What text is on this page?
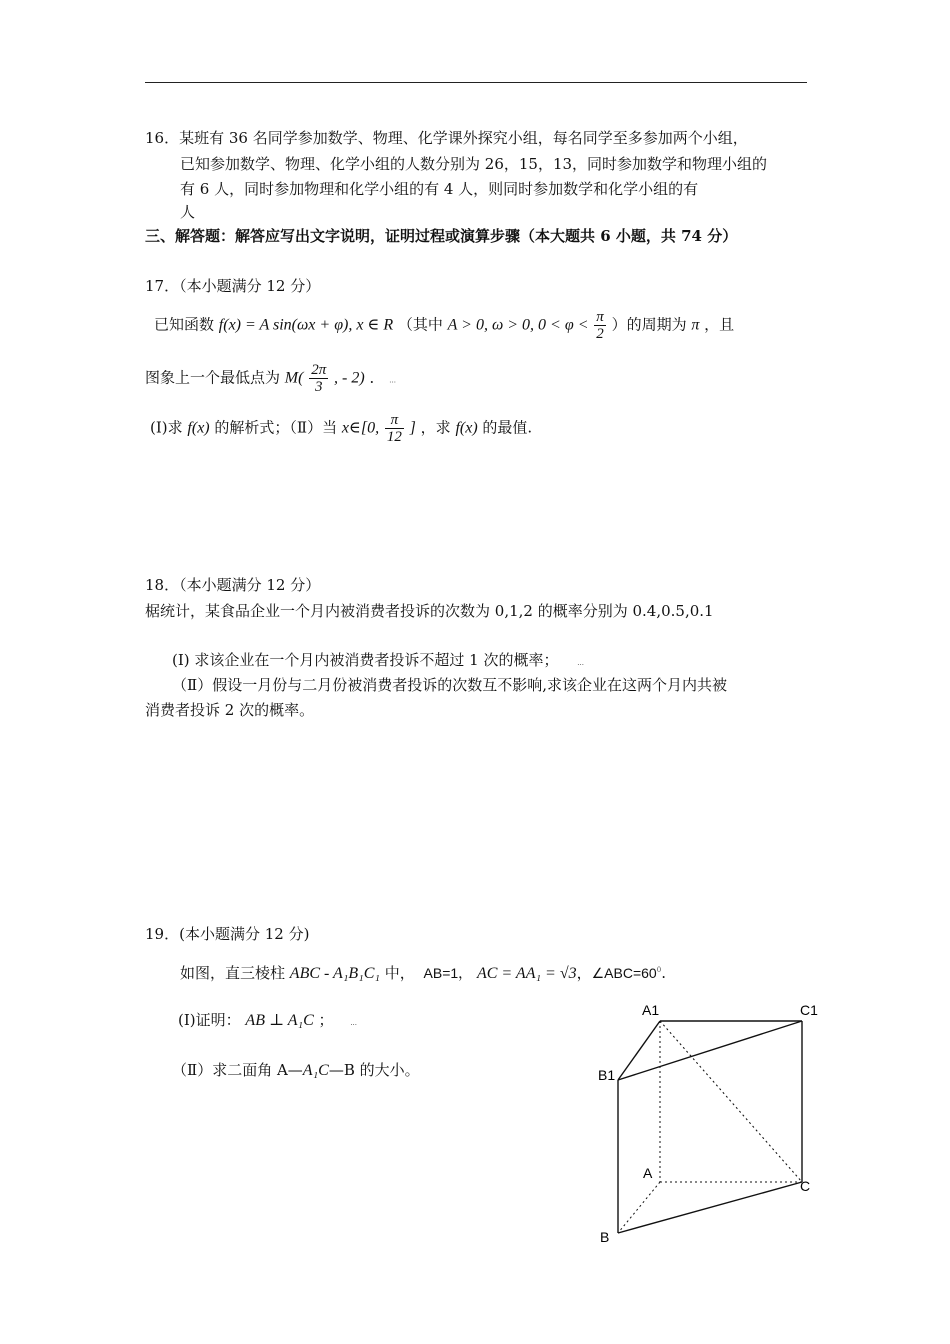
16．某班有 36 名同学参加数学、物理、化学课外探究小组，每名同学至多参加两个小组，
已知参加数学、物理、化学小组的人数分别为 26，15，13，同时参加数学和物理小组的
有 6 人，同时参加物理和化学小组的有 4 人，则同时参加数学和化学小组的有
人
三、解答题：解答应写出文字说明，证明过程或演算步骤（本大题共 6 小题，共 74 分）
17．（本小题满分 12 分）
已知函数 f(x) = A sin(ωx + φ), x ∈ R （其中 A > 0, ω > 0, $0 < \varphi < \frac{\pi}{2}$ ）的周期为 π ，且
图象上一个最低点为 $M( \frac{2\pi}{3}$ , - 2) ． ...
(Ⅰ)求 f(x) 的解析式；（Ⅱ）当 x∈[0, $\frac{\pi}{12}$ ] ，求 f(x) 的最值.
18．（本小题满分 12 分）
椐统计，某食品企业一个月内被消费者投诉的次数为 0,1,2 的概率分别为 0.4,0.5,0.1
(Ⅰ) 求该企业在一个月内被消费者投诉不超过 1 次的概率；	...
（Ⅱ）假设一月份与二月份被消费者投诉的次数互不影响,求该企业在这两个月内共被
消费者投诉 2 次的概率。
19．(本小题满分 12 分)
如图，直三棱柱 ABC - A₁B₁C₁ 中， AB=1， AC = AA₁ = √3，$\angle ABC=60^0$.
(Ⅰ)证明： AB ⊥ A₁C ； ...
（Ⅱ）求二面角 A—A₁C—B 的大小。
A1	C1
B1
A
C
B
